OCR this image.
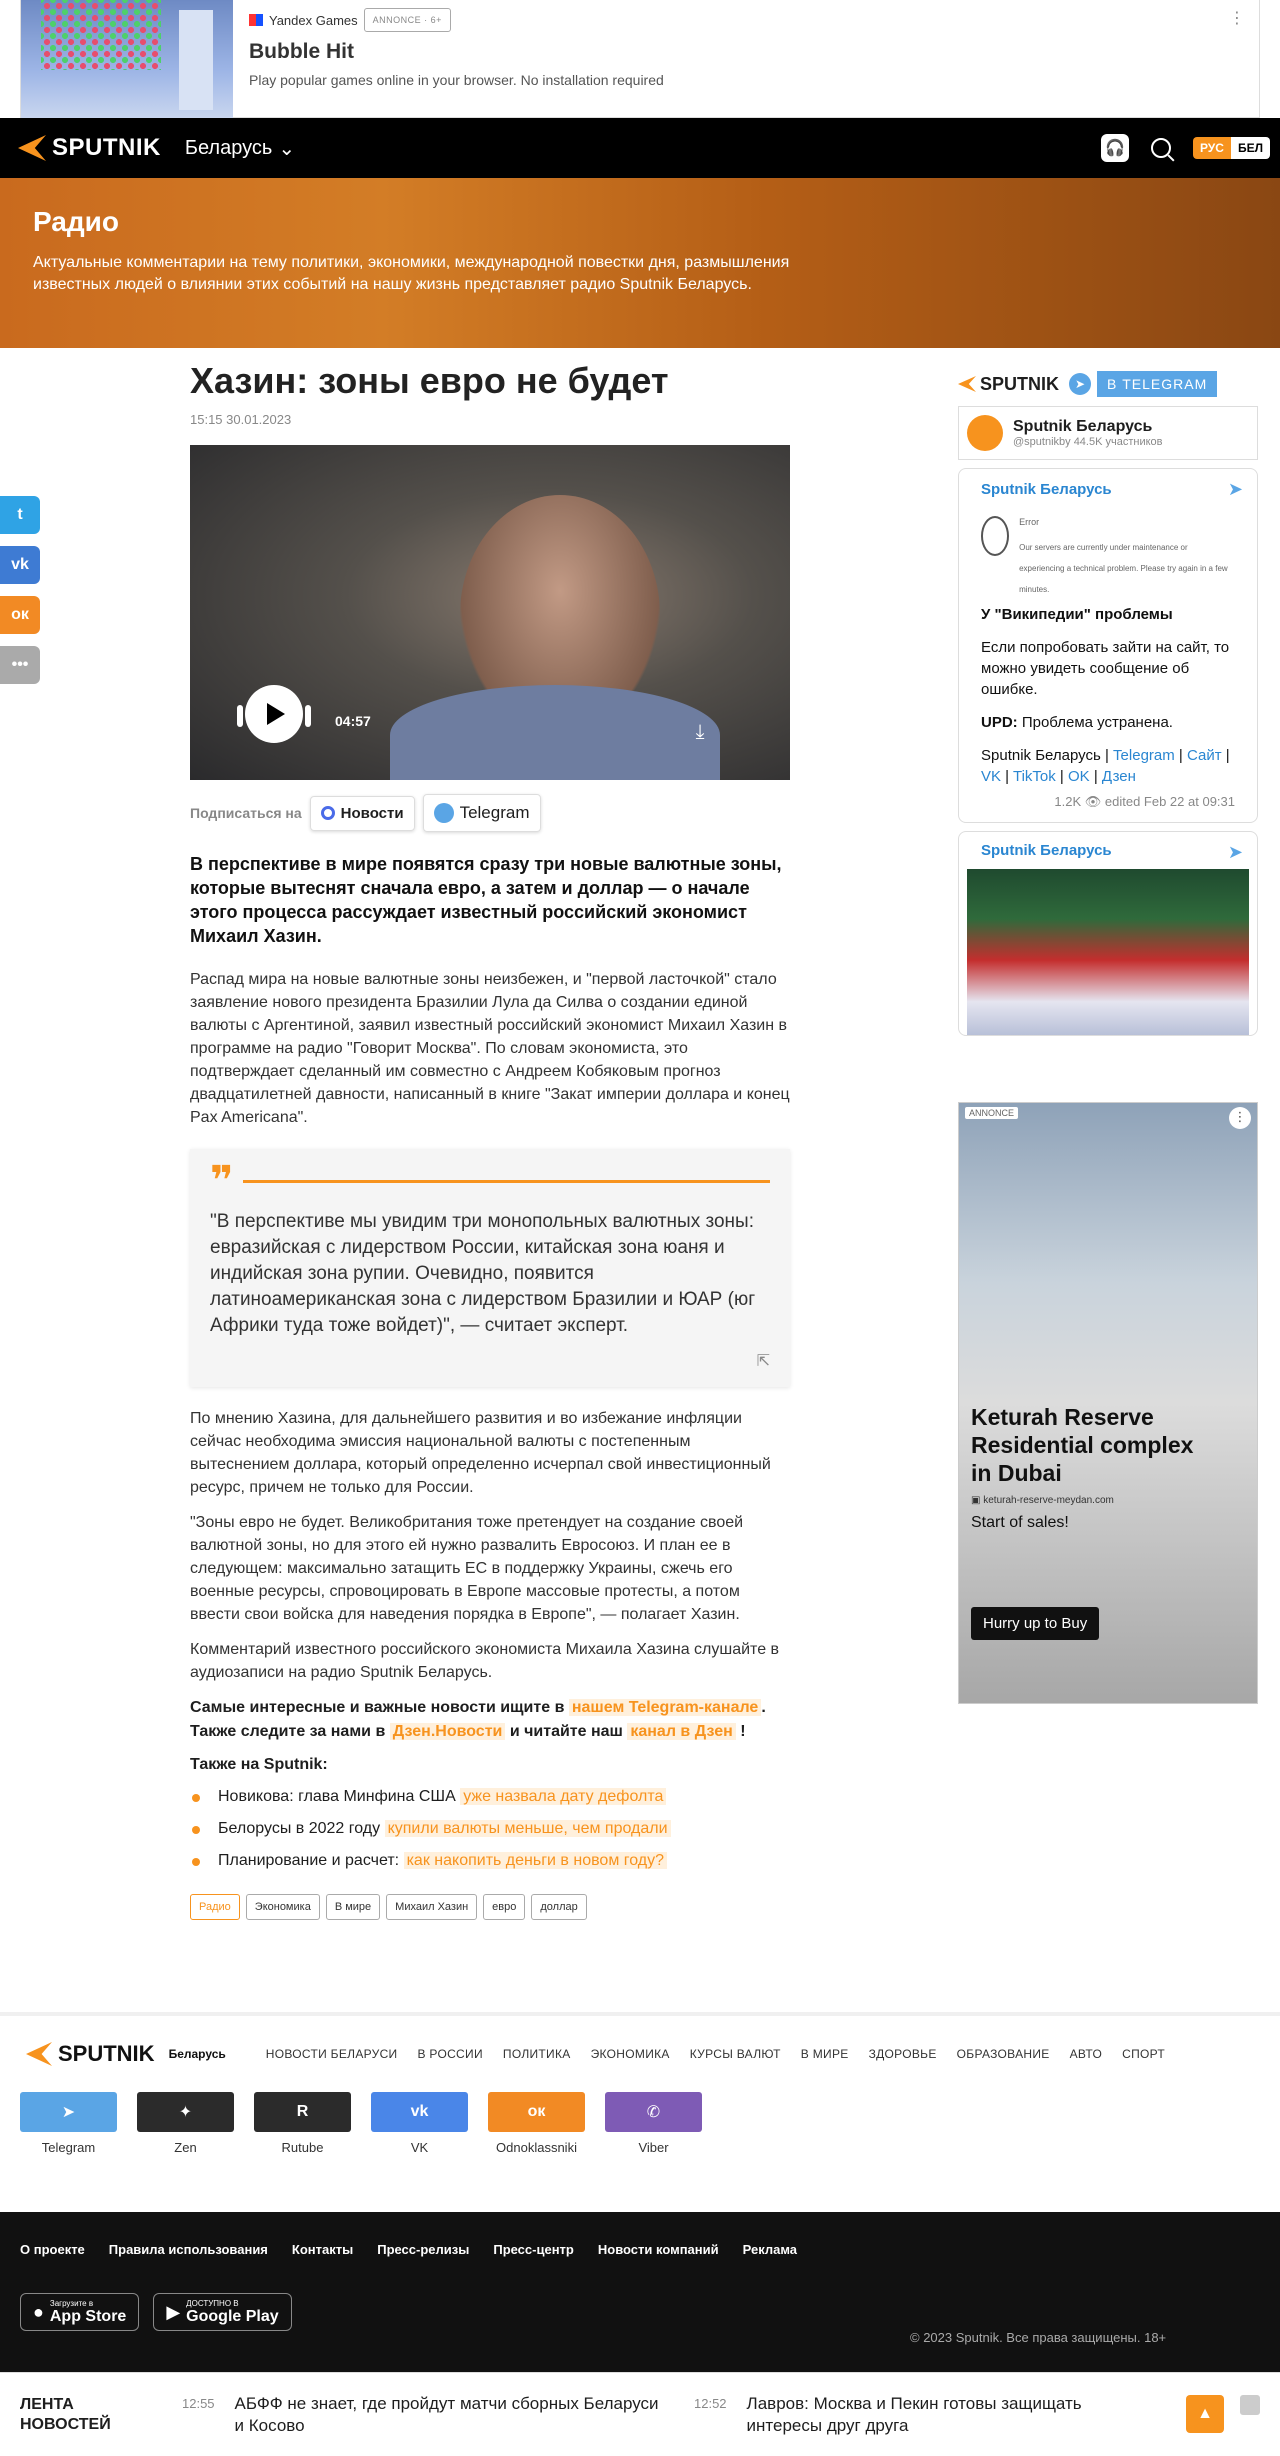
Yandex Games	ANNONCE · 6+
Bubble Hit
Play popular games online in your browser. No installation required
⋮
SPUTNIK Беларусь ⌄	🎧	РУС	БЕЛ
Радио
Актуальные комментарии на тему политики, экономики, международной повестки дня, размышления известных людей о влиянии этих событий на нашу жизнь представляет радио Sputnik Беларусь.
t
vk
ок
•••
Хазин: зоны евро не будет
15:15 30.01.2023
04:57	⤓
Подписаться на	Новости	Telegram
В перспективе в мире появятся сразу три новые валютные зоны, которые вытеснят сначала евро, а затем и доллар — о начале этого процесса рассуждает известный российский экономист Михаил Хазин.
Распад мира на новые валютные зоны неизбежен, и "первой ласточкой" стало заявление нового президента Бразилии Лула да Силва о создании единой валюты с Аргентиной, заявил известный российский экономист Михаил Хазин в программе на радио "Говорит Москва". По словам экономиста, это подтверждает сделанный им совместно с Андреем Кобяковым прогноз двадцатилетней давности, написанный в книге "Закат империи доллара и конец Pax Americana".
❞
"В перспективе мы увидим три монопольных валютных зоны: евразийская с лидерством России, китайская зона юаня и индийская зона рупии. Очевидно, появится латиноамериканская зона с лидерством Бразилии и ЮАР (юг Африки туда тоже войдет)", — считает эксперт.
⇱
По мнению Хазина, для дальнейшего развития и во избежание инфляции сейчас необходима эмиссия национальной валюты с постепенным вытеснением доллара, который определенно исчерпал свой инвестиционный ресурс, причем не только для России.
"Зоны евро не будет. Великобритания тоже претендует на создание своей валютной зоны, но для этого ей нужно развалить Евросоюз. И план ее в следующем: максимально затащить ЕС в поддержку Украины, сжечь его военные ресурсы, спровоцировать в Европе массовые протесты, а потом ввести свои войска для наведения порядка в Европе", — полагает Хазин.
Комментарий известного российского экономиста Михаила Хазина слушайте в аудиозаписи на радио Sputnik Беларусь.
Самые интересные и важные новости ищите в нашем Telegram-канале . Также следите за нами в Дзен.Новости и читайте наш канал в Дзен !
Также на Sputnik:
Новикова: глава Минфина США уже назвала дату дефолта
Белорусы в 2022 году купили валюты меньше, чем продали
Планирование и расчет: как накопить деньги в новом году?
Радио	Экономика	В мире	Михаил Хазин	евро	доллар
SPUTNIK	➤	В TELEGRAM
Sputnik Беларусь
@sputnikby 44.5K участников
Sputnik Беларусь	➤
Error
Our servers are currently under maintenance or experiencing a technical problem. Please try again in a few minutes.
У "Википедии" проблемы
Если попробовать зайти на сайт, то можно увидеть сообщение об ошибке.
UPD: Проблема устранена.
Sputnik Беларусь | Telegram | Сайт | VK | TikTok | OK | Дзен
1.2K 👁 edited Feb 22 at 09:31
Sputnik Беларусь	➤
ANNONCE	⋮
Keturah Reserve Residential complex in Dubai
▣ keturah-reserve-meydan.com
Start of sales!
Hurry up to Buy
SPUTNIK Беларусь	НОВОСТИ БЕЛАРУСИ В РОССИИ ПОЛИТИКА ЭКОНОМИКА КУРСЫ ВАЛЮТ В МИРЕ ЗДОРОВЬЕ ОБРАЗОВАНИЕ АВТО СПОРТ
➤
Telegram
✦
Zen
R
Rutube
vk
VK
ок
Odnoklassniki
✆
Viber
О проекте Правила использования Контакты Пресс-релизы Пресс-центр Новости компаний Реклама
● Загрузите в
App Store ▶ ДОСТУПНО В
Google Play
© 2023 Sputnik. Все права защищены. 18+
ЛЕНТА НОВОСТЕЙ
12:55 АБФФ не знает, где пройдут матчи сборных Беларуси и Косово
12:52 Лавров: Москва и Пекин готовы защищать интересы друг друга
▲
